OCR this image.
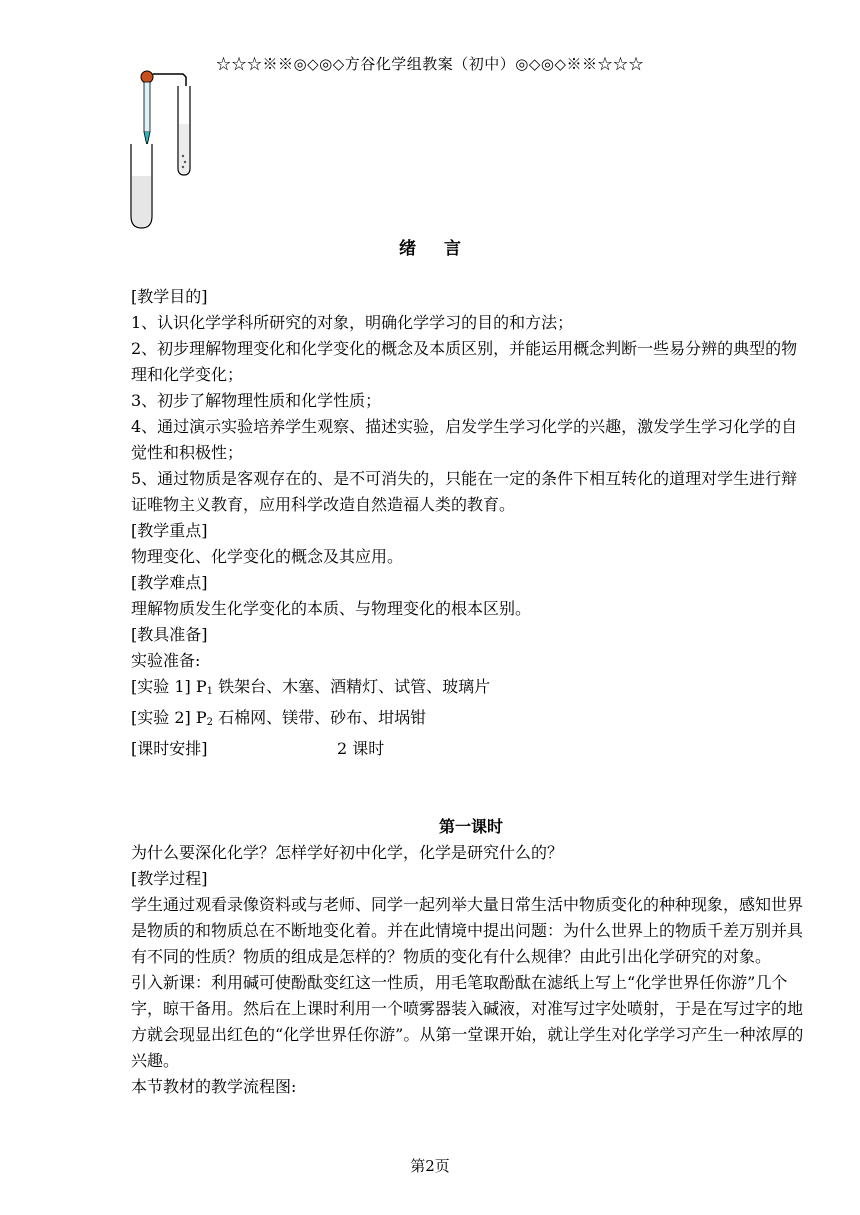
☆☆☆※※◎◇◎◇方谷化学组教案（初中）◎◇◎◇※※☆☆☆
绪言
[教学目的]
1、认识化学学科所研究的对象，明确化学学习的目的和方法；
2、初步理解物理变化和化学变化的概念及本质区别，并能运用概念判断一些易分辨的典型的物理和化学变化；
3、初步了解物理性质和化学性质；
4、通过演示实验培养学生观察、描述实验，启发学生学习化学的兴趣，激发学生学习化学的自觉性和积极性；
5、通过物质是客观存在的、是不可消失的，只能在一定的条件下相互转化的道理对学生进行辩证唯物主义教育，应用科学改造自然造福人类的教育。
[教学重点]
物理变化、化学变化的概念及其应用。
[教学难点]
理解物质发生化学变化的本质、与物理变化的根本区别。
[教具准备]
实验准备:
[实验 1] $P_1$ 铁架台、木塞、酒精灯、试管、玻璃片
[实验 2] $P_2$ 石棉网、镁带、砂布、坩埚钳
[课时安排]	2 课时
第一课时
为什么要深化化学？怎样学好初中化学，化学是研究什么的？
[教学过程]
学生通过观看录像资料或与老师、同学一起列举大量日常生活中物质变化的种种现象，感知世界是物质的和物质总在不断地变化着。并在此情境中提出问题：为什么世界上的物质千差万别并具有不同的性质？物质的组成是怎样的？物质的变化有什么规律？由此引出化学研究的对象。
引入新课：利用碱可使酚酞变红这一性质，用毛笔取酚酞在滤纸上写上“化学世界任你游”几个字，晾干备用。然后在上课时利用一个喷雾器装入碱液，对准写过字处喷射，于是在写过字的地方就会现显出红色的“化学世界任你游”。从第一堂课开始，就让学生对化学学习产生一种浓厚的兴趣。
本节教材的教学流程图:
第2页
